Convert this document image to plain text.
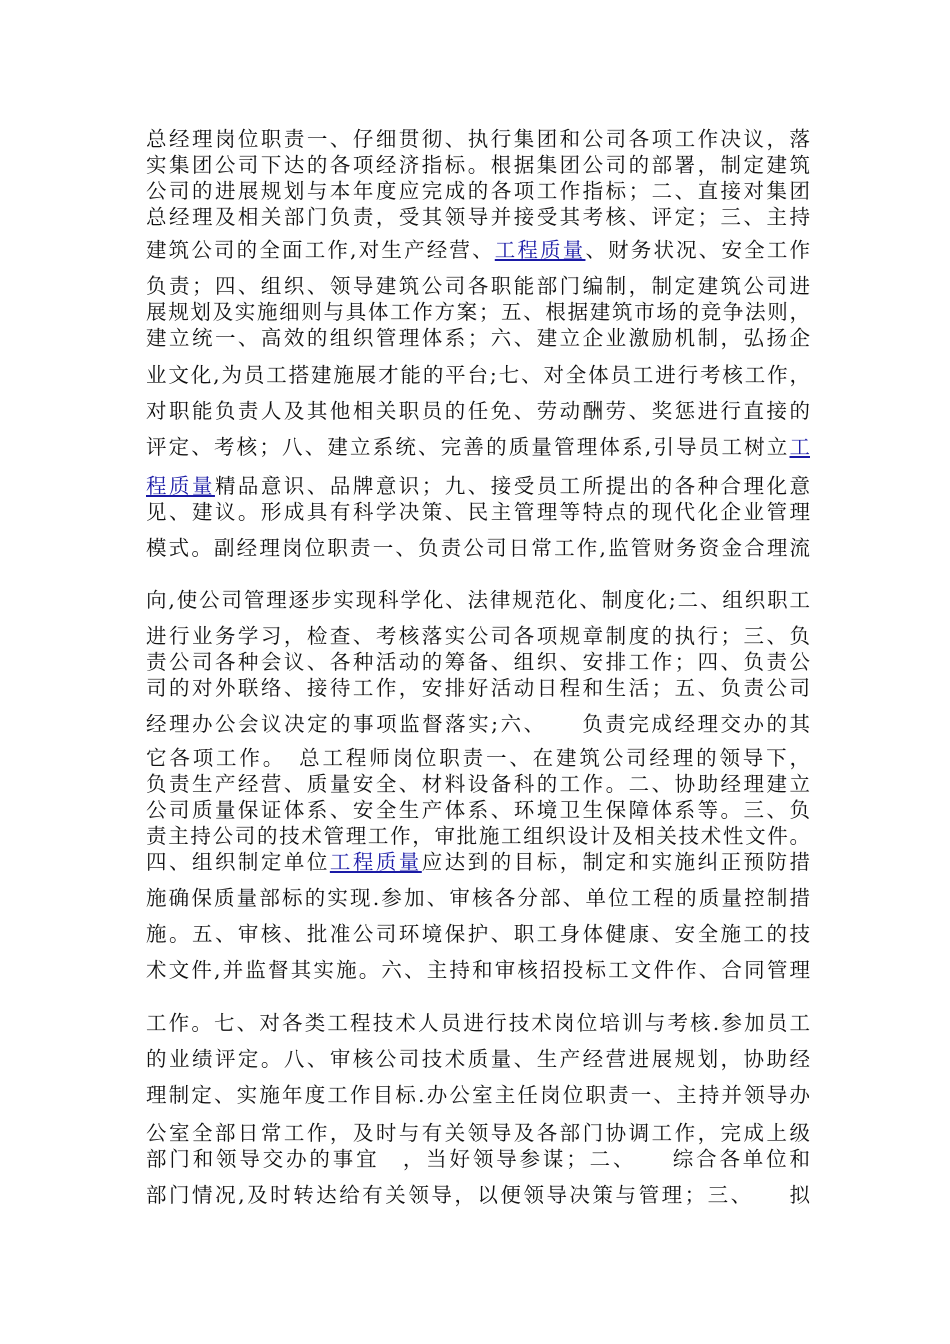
总经理岗位职责一、仔细贯彻、执行集团和公司各项工作决议，落
实集团公司下达的各项经济指标。根据集团公司的部署，制定建筑
公司的进展规划与本年度应完成的各项工作指标；二、直接对集团
总经理及相关部门负责，受其领导并接受其考核、评定；三、主持
建筑公司的全面工作,对生产经营、工程质量、财务状况、安全工作
负责；四、组织、领导建筑公司各职能部门编制，制定建筑公司进
展规划及实施细则与具体工作方案；五、根据建筑市场的竞争法则，
建立统一、高效的组织管理体系；六、建立企业激励机制，弘扬企
业文化,为员工搭建施展才能的平台;七、对全体员工进行考核工作，
对职能负责人及其他相关职员的任免、劳动酬劳、奖惩进行直接的
评定、考核；八、建立系统、完善的质量管理体系,引导员工树立工
程质量精品意识、品牌意识；九、接受员工所提出的各种合理化意
见、建议。形成具有科学决策、民主管理等特点的现代化企业管理
模式。副经理岗位职责一、负责公司日常工作,监管财务资金合理流
向,使公司管理逐步实现科学化、法律规范化、制度化;二、组织职工
进行业务学习，检查、考核落实公司各项规章制度的执行；三、负
责公司各种会议、各种活动的筹备、组织、安排工作；四、负责公
司的对外联络、接待工作，安排好活动日程和生活；五、负责公司
经理办公会议决定的事项监督落实;六、　　负责完成经理交办的其
它各项工作。　总工程师岗位职责一、在建筑公司经理的领导下，
负责生产经营、质量安全、材料设备科的工作。二、协助经理建立
公司质量保证体系、安全生产体系、环境卫生保障体系等。三、负
责主持公司的技术管理工作，审批施工组织设计及相关技术性文件。
四、组织制定单位工程质量应达到的目标，制定和实施纠正预防措
施确保质量部标的实现.参加、审核各分部、单位工程的质量控制措
施。五、审核、批准公司环境保护、职工身体健康、安全施工的技
术文件,并监督其实施。六、主持和审核招投标工文件作、合同管理
工作。七、对各类工程技术人员进行技术岗位培训与考核.参加员工
的业绩评定。八、审核公司技术质量、生产经营进展规划，协助经
理制定、实施年度工作目标.办公室主任岗位职责一、主持并领导办
公室全部日常工作，及时与有关领导及各部门协调工作，完成上级
部门和领导交办的事宜　，当好领导参谋；二、　　综合各单位和
部门情况,及时转达给有关领导，以便领导决策与管理；三、　　拟
